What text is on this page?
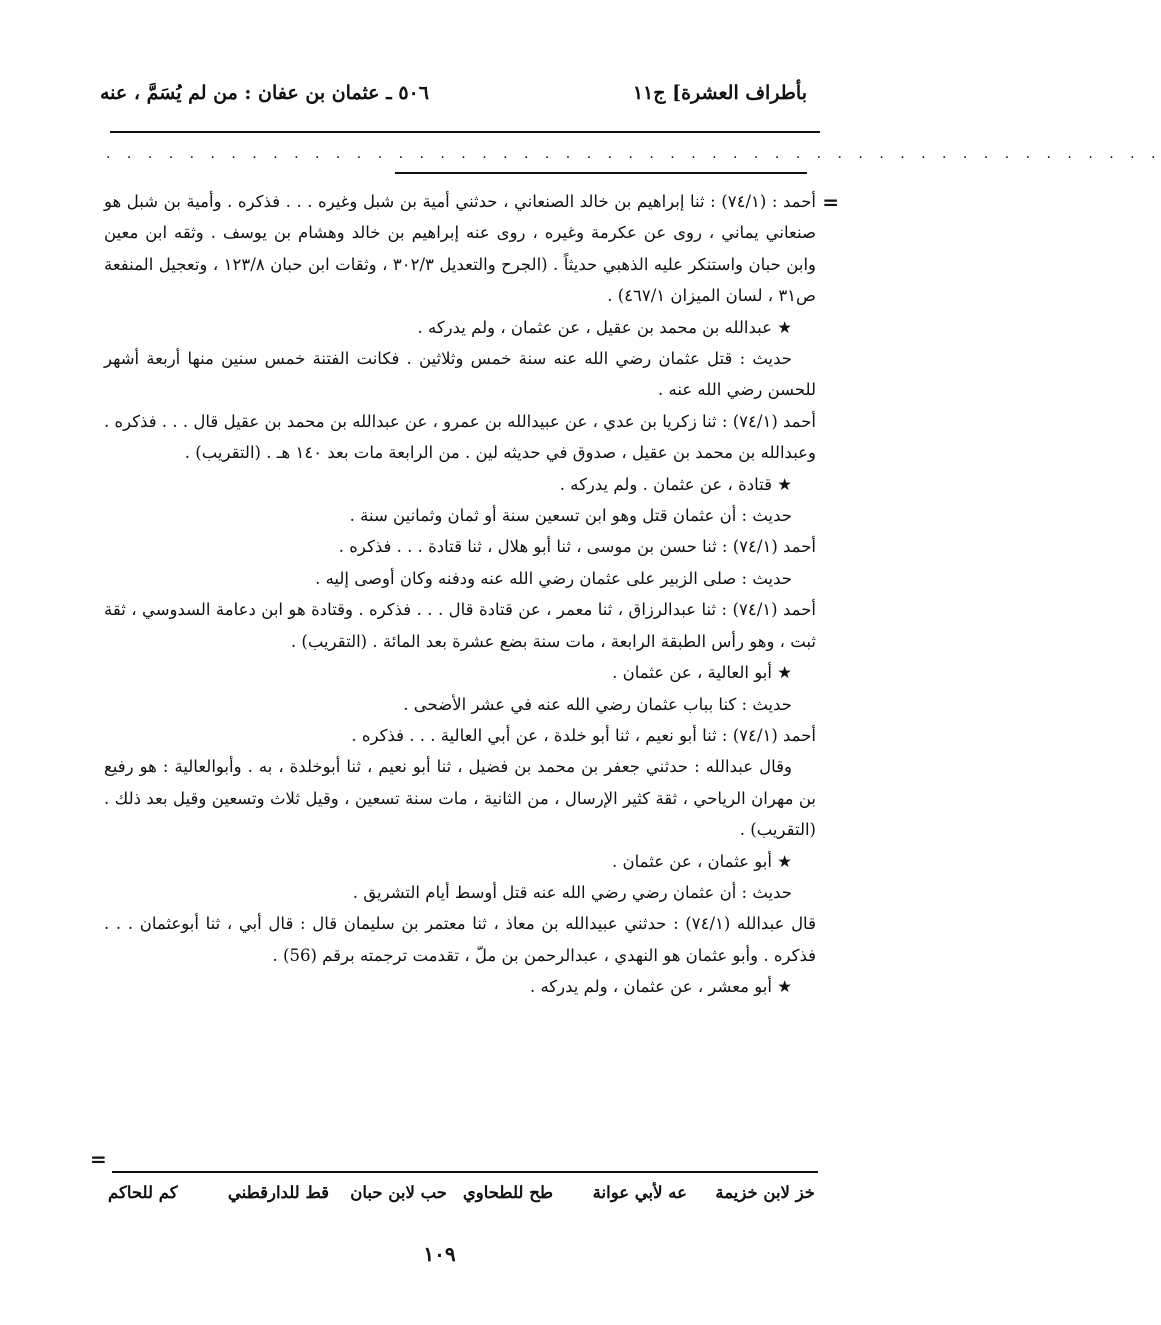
بأطراف العشرة] ج١١
٥٠٦ ـ عثمان بن عفان : من لم يُسَمَّ ، عنه
. . . . . . . . . . . . . . . . . . . . . . . . . . . . . . . . . . . . . . . . . . . . . . . . . . .
=

أحمد : (٧٤/١) : ثنا إبراهيم بن خالد الصنعاني ، حدثني أمية بن شبل وغيره . . . فذكره . وأمية بن شبل هو صنعاني يماني ، روى عن عكرمة وغيره ، روى عنه إبراهيم بن خالد وهشام بن يوسف . وثقه ابن معين وابن حبان واستنكر عليه الذهبي حديثاً . (الجرح والتعديل ٣٠٢/٣ ، وثقات ابن حبان ١٢٣/٨ ، وتعجيل المنفعة ص٣١ ، لسان الميزان ٤٦٧/١) .

★ عبدالله بن محمد بن عقيل ، عن عثمان ، ولم يدركه .

حديث : قتل عثمان رضي الله عنه سنة خمس وثلاثين . فكانت الفتنة خمس سنين منها أربعة أشهر للحسن رضي الله عنه .

أحمد (٧٤/١) : ثنا زكريا بن عدي ، عن عبيدالله بن عمرو ، عن عبدالله بن محمد بن عقيل قال . . . فذكره . وعبدالله بن محمد بن عقيل ، صدوق في حديثه لين . من الرابعة مات بعد ١٤٠ هـ . (التقريب) .

★ قتادة ، عن عثمان . ولم يدركه .

حديث : أن عثمان قتل وهو ابن تسعين سنة أو ثمان وثمانين سنة .

أحمد (٧٤/١) : ثنا حسن بن موسى ، ثنا أبو هلال ، ثنا قتادة . . . فذكره .

حديث : صلى الزبير على عثمان رضي الله عنه ودفنه وكان أوصى إليه .

أحمد (٧٤/١) : ثنا عبدالرزاق ، ثنا معمر ، عن قتادة قال . . . فذكره . وقتادة هو ابن دعامة السدوسي ، ثقة ثبت ، وهو رأس الطبقة الرابعة ، مات سنة بضع عشرة بعد المائة . (التقريب) .

★ أبو العالية ، عن عثمان .

حديث : كنا بباب عثمان رضي الله عنه في عشر الأضحى .

أحمد (٧٤/١) : ثنا أبو نعيم ، ثنا أبو خلدة ، عن أبي العالية . . . فذكره .

وقال عبدالله : حدثني جعفر بن محمد بن فضيل ، ثنا أبو نعيم ، ثنا أبوخلدة ، به . وأبوالعالية : هو رفيع بن مهران الرياحي ، ثقة كثير الإرسال ، من الثانية ، مات سنة تسعين ، وقيل ثلاث وتسعين وقيل بعد ذلك . (التقريب) .

★ أبو عثمان ، عن عثمان .

حديث : أن عثمان رضي رضي الله عنه قتل أوسط أيام التشريق .

قال عبدالله (٧٤/١) : حدثني عبيدالله بن معاذ ، ثنا معتمر بن سليمان قال : قال أبي ، ثنا أبوعثمان . . . فذكره . وأبو عثمان هو النهدي ، عبدالرحمن بن ملّ ، تقدمت ترجمته برقم (56) .

★ أبو معشر ، عن عثمان ، ولم يدركه .

=
خز لابن خزيمة
عه لأبي عوانة
طح للطحاوي
حب لابن حبان
قط للدارقطني
كم للحاكم
١٠٩
